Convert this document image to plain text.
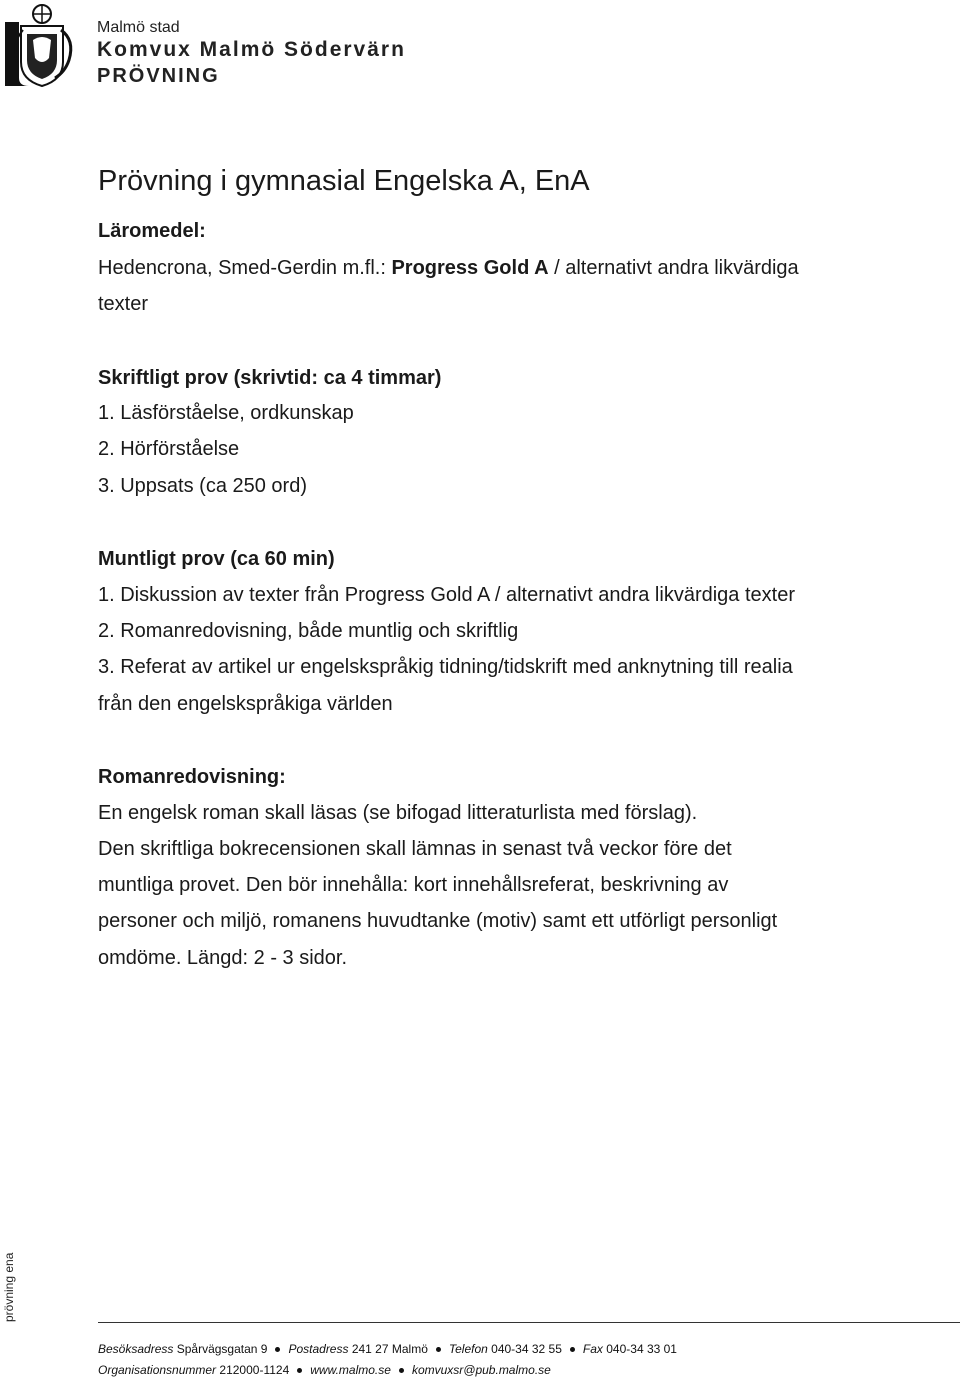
Malmö stad
Komvux Malmö Södervärn
PRÖVNING
Prövning i gymnasial Engelska A, EnA
Läromedel:
Hedencrona, Smed-Gerdin m.fl.: Progress Gold A / alternativt andra likvärdiga
texter
Skriftligt prov (skrivtid: ca 4 timmar)
1. Läsförståelse, ordkunskap
2. Hörförståelse
3. Uppsats (ca 250 ord)
Muntligt prov (ca 60 min)
1. Diskussion av texter från Progress Gold A / alternativt andra likvärdiga texter
2. Romanredovisning, både muntlig och skriftlig
3. Referat av artikel ur engelskspråkig tidning/tidskrift med anknytning till realia
från den engelskspråkiga världen
Romanredovisning:
En engelsk roman skall läsas (se bifogad litteraturlista med förslag).
Den skriftliga bokrecensionen skall lämnas in senast två veckor före det
muntliga provet. Den bör innehålla: kort innehållsreferat, beskrivning av
personer och miljö, romanens huvudtanke (motiv) samt ett utförligt personligt
omdöme. Längd: 2 - 3 sidor.
prövning ena
Besöksadress Spårvägsgatan 9 Postadress 241 27 Malmö Telefon 040-34 32 55 Fax 040-34 33 01
Organisationsnummer 212000-1124 www.malmo.se komvuxsr@pub.malmo.se
